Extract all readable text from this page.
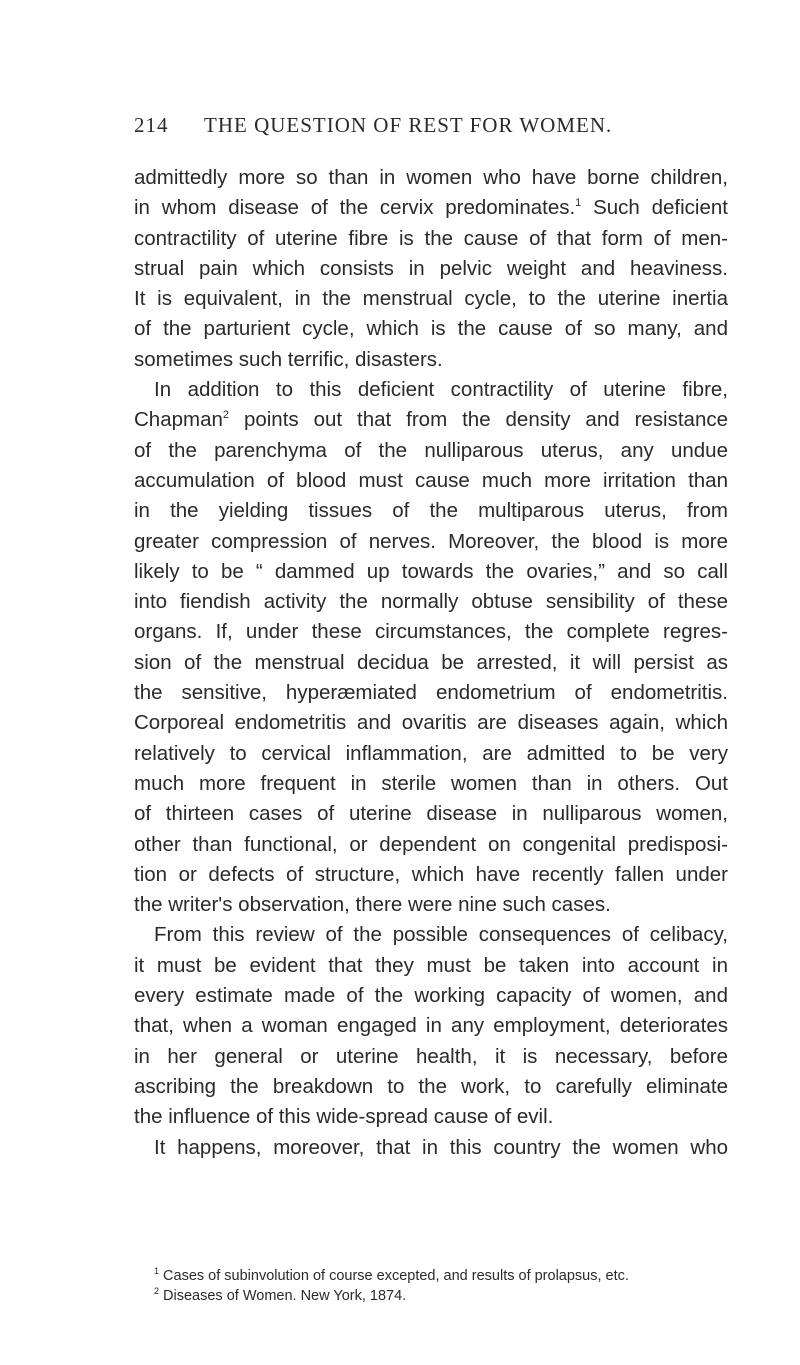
214 THE QUESTION OF REST FOR WOMEN.
admittedly more so than in women who have borne children,
in whom disease of the cervix predominates.$^1$ Such deficient
contractility of uterine fibre is the cause of that form of men-
strual pain which consists in pelvic weight and heaviness.
It is equivalent, in the menstrual cycle, to the uterine inertia
of the parturient cycle, which is the cause of so many, and
sometimes such terrific, disasters.
In addition to this deficient contractility of uterine fibre,
Chapman$^2$ points out that from the density and resistance
of the parenchyma of the nulliparous uterus, any undue
accumulation of blood must cause much more irritation than
in the yielding tissues of the multiparous uterus, from
greater compression of nerves. Moreover, the blood is more
likely to be “ dammed up towards the ovaries,” and so call
into fiendish activity the normally obtuse sensibility of these
organs. If, under these circumstances, the complete regres-
sion of the menstrual decidua be arrested, it will persist as
the sensitive, hyperæmiated endometrium of endometritis.
Corporeal endometritis and ovaritis are diseases again, which
relatively to cervical inflammation, are admitted to be very
much more frequent in sterile women than in others. Out
of thirteen cases of uterine disease in nulliparous women,
other than functional, or dependent on congenital predisposi-
tion or defects of structure, which have recently fallen under
the writer's observation, there were nine such cases.
From this review of the possible consequences of celibacy,
it must be evident that they must be taken into account in
every estimate made of the working capacity of women, and
that, when a woman engaged in any employment, deteriorates
in her general or uterine health, it is necessary, before
ascribing the breakdown to the work, to carefully eliminate
the influence of this wide-spread cause of evil.
It happens, moreover, that in this country the women who
$^1$ Cases of subinvolution of course excepted, and results of prolapsus, etc.
$^2$ Diseases of Women. New York, 1874.
